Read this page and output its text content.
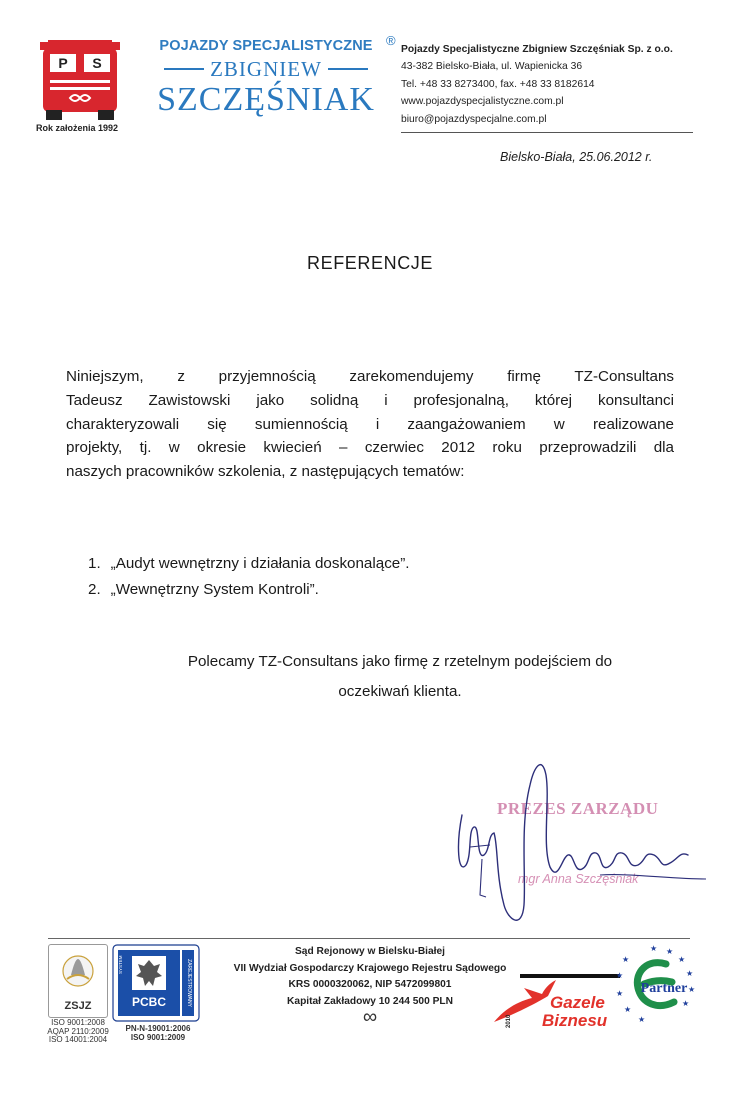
P S
Rok założenia 1992
POJAZDY SPECJALISTYCZNE
ZBIGNIEW
SZCZĘŚNIAK
®
Pojazdy Specjalistyczne Zbigniew Szczęśniak Sp. z o.o.
43-382 Bielsko-Biała, ul. Wapienicka 36
Tel. +48 33 8273400, fax. +48 33 8182614
www.pojazdyspecjalistyczne.com.pl
biuro@pojazdyspecjalne.com.pl
Bielsko-Biała, 25.06.2012 r.
REFERENCJE
Niniejszym, z przyjemnością zarekomendujemy firmę TZ-Consultans
Tadeusz Zawistowski jako solidną i profesjonalną, której konsultanci
charakteryzowali się sumiennością i zaangażowaniem w realizowane
projekty, tj. w okresie kwiecień – czerwiec 2012 roku przeprowadzili dla
naszych pracowników szkolenia, z następujących tematów:
1. „Audyt wewnętrzny i działania doskonalące”.
2. „Wewnętrzny System Kontroli”.
Polecamy TZ-Consultans jako firmę z rzetelnym podejściem do
oczekiwań klienta.
PREZES ZARZĄDU
mgr Anna Szczęśniak
ZSJZ
ISO 9001:2008
AQAP 2110:2009
ISO 14001:2004
ZAREJESTROWANY
SYSTEM
PCBC
PN-N-19001:2006
ISO 9001:2009
Sąd Rejonowy w Bielsku-Białej
VII Wydział Gospodarczy Krajowego Rejestru Sądowego
KRS 0000320062, NIP 5472099801
Kapitał Zakładowy 10 244 500 PLN
∞	2010
Gazele
Biznesu
★ ★
★
★
★
★
★
★
★
★
★
Partner
